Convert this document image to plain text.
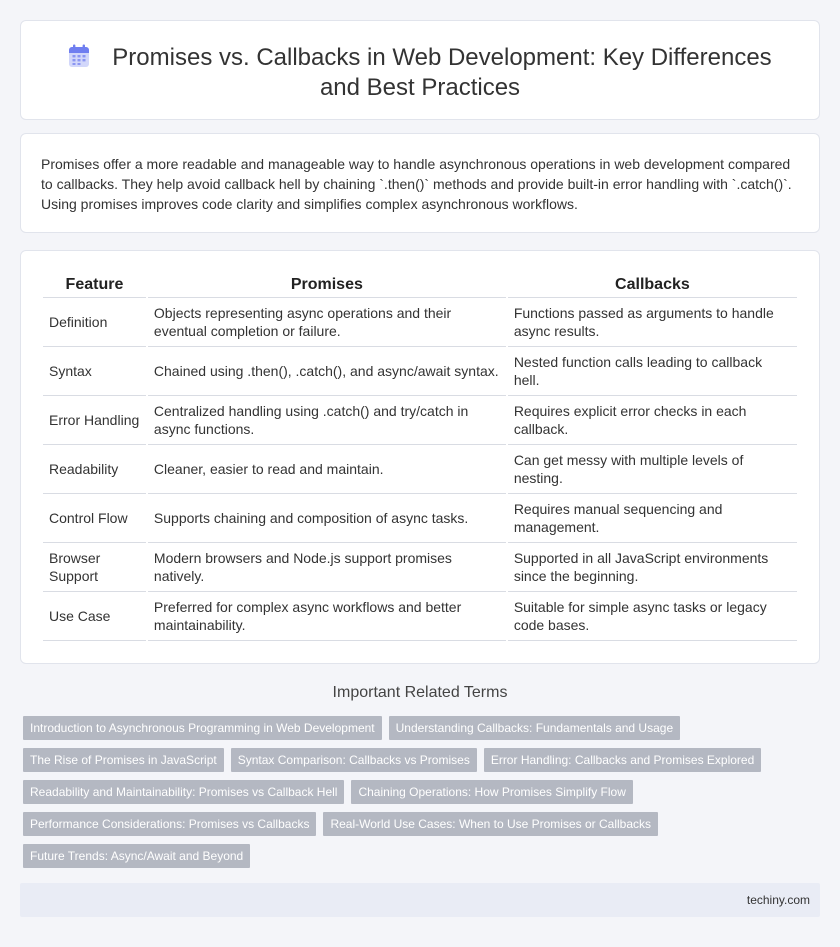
Promises vs. Callbacks in Web Development: Key Differences and Best Practices

Promises offer a more readable and manageable way to handle asynchronous operations in web development compared to callbacks. They help avoid callback hell by chaining `.then()` methods and provide built-in error handling with `.catch()`. Using promises improves code clarity and simplifies complex asynchronous workflows.

Feature	Promises	Callbacks
Definition	Objects representing async operations and their eventual completion or failure.	Functions passed as arguments to handle async results.
Syntax	Chained using .then(), .catch(), and async/await syntax.	Nested function calls leading to callback hell.
Error Handling	Centralized handling using .catch() and try/catch in async functions.	Requires explicit error checks in each callback.
Readability	Cleaner, easier to read and maintain.	Can get messy with multiple levels of nesting.
Control Flow	Supports chaining and composition of async tasks.	Requires manual sequencing and management.
Browser Support	Modern browsers and Node.js support promises natively.	Supported in all JavaScript environments since the beginning.
Use Case	Preferred for complex async workflows and better maintainability.	Suitable for simple async tasks or legacy code bases.
Important Related Terms
Introduction to Asynchronous Programming in Web Development	Understanding Callbacks: Fundamentals and Usage
The Rise of Promises in JavaScript	Syntax Comparison: Callbacks vs Promises	Error Handling: Callbacks and Promises Explored
Readability and Maintainability: Promises vs Callback Hell	Chaining Operations: How Promises Simplify Flow
Performance Considerations: Promises vs Callbacks	Real-World Use Cases: When to Use Promises or Callbacks
Future Trends: Async/Await and Beyond
techiny.com
